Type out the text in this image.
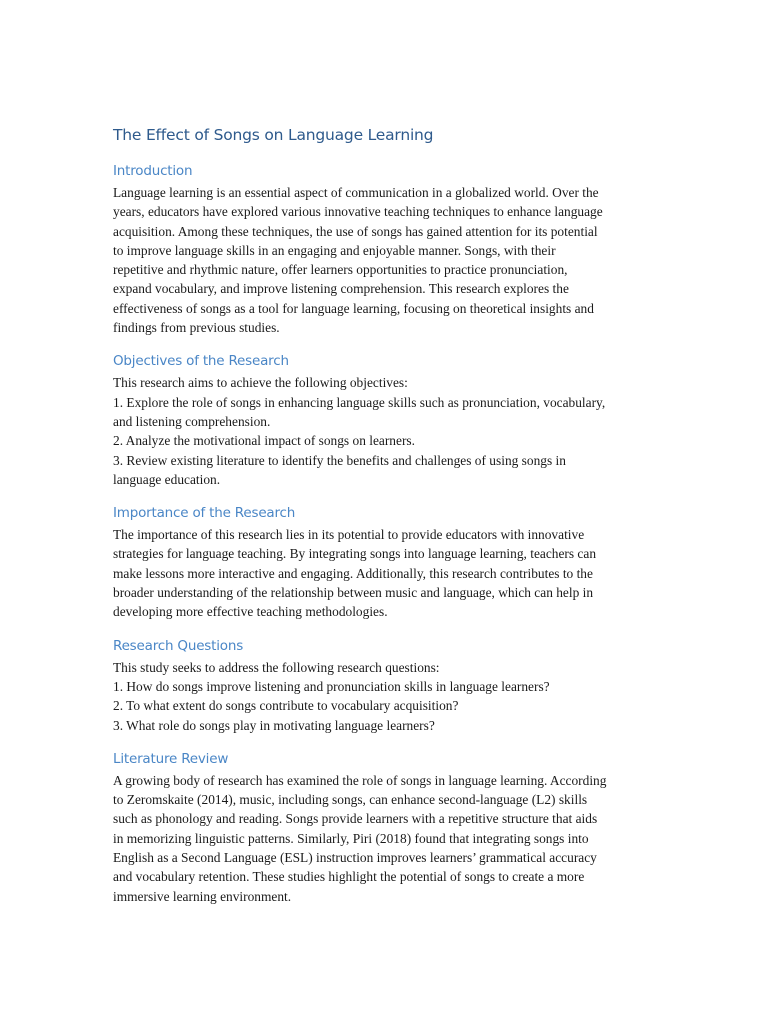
The Effect of Songs on Language Learning
Introduction

Language learning is an essential aspect of communication in a globalized world. Over the
years, educators have explored various innovative teaching techniques to enhance language
acquisition. Among these techniques, the use of songs has gained attention for its potential
to improve language skills in an engaging and enjoyable manner. Songs, with their
repetitive and rhythmic nature, offer learners opportunities to practice pronunciation,
expand vocabulary, and improve listening comprehension. This research explores the
effectiveness of songs as a tool for language learning, focusing on theoretical insights and
findings from previous studies.

Objectives of the Research

This research aims to achieve the following objectives:
1. Explore the role of songs in enhancing language skills such as pronunciation, vocabulary,
and listening comprehension.
2. Analyze the motivational impact of songs on learners.
3. Review existing literature to identify the benefits and challenges of using songs in
language education.

Importance of the Research

The importance of this research lies in its potential to provide educators with innovative
strategies for language teaching. By integrating songs into language learning, teachers can
make lessons more interactive and engaging. Additionally, this research contributes to the
broader understanding of the relationship between music and language, which can help in
developing more effective teaching methodologies.

Research Questions

This study seeks to address the following research questions:
1. How do songs improve listening and pronunciation skills in language learners?
2. To what extent do songs contribute to vocabulary acquisition?
3. What role do songs play in motivating language learners?

Literature Review

A growing body of research has examined the role of songs in language learning. According
to Zeromskaite (2014), music, including songs, can enhance second-language (L2) skills
such as phonology and reading. Songs provide learners with a repetitive structure that aids
in memorizing linguistic patterns. Similarly, Piri (2018) found that integrating songs into
English as a Second Language (ESL) instruction improves learners’ grammatical accuracy
and vocabulary retention. These studies highlight the potential of songs to create a more
immersive learning environment.
